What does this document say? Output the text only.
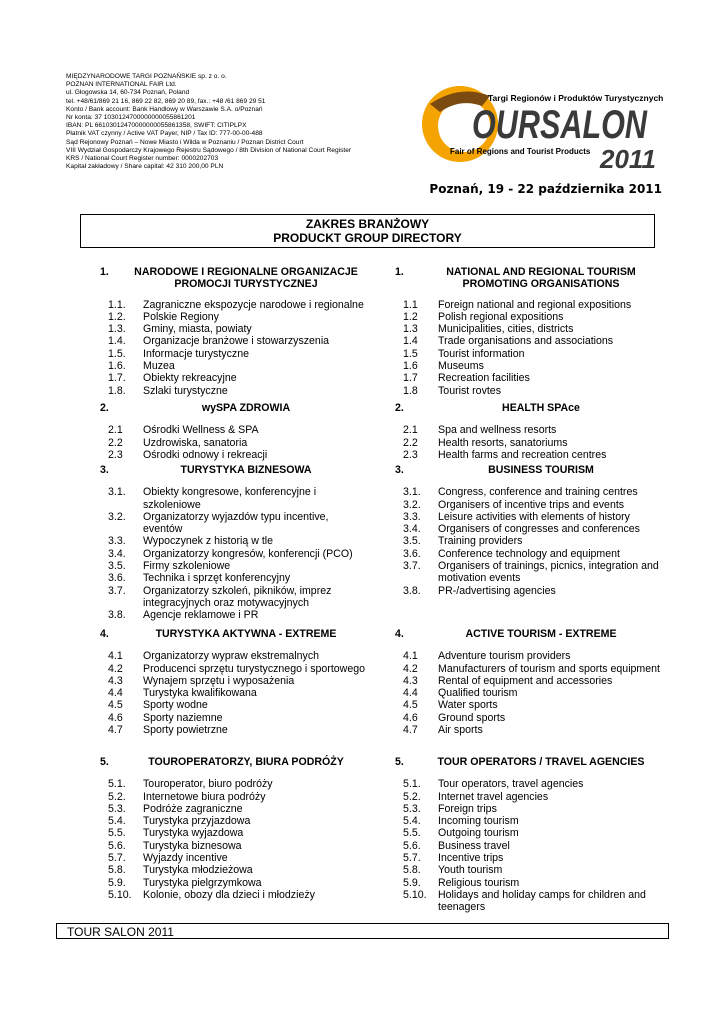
MIĘDZYNARODOWE TARGI POZNAŃSKIE sp. z o. o.
POZNAN INTERNATIONAL FAIR Ltd.
ul. Głogowska 14, 60-734 Poznań, Poland
tel. +48/61/869 21 16, 869 22 82, 869 20 89, fax.: +48 /61 869 29 51
Konto / Bank account: Bank Handlowy w Warszawie S.A. o/Poznań
Nr konta: 37 1030124700000000055861201
IBAN: PL 66103012470000000055861358, SWIFT: CITIPLPX
Płatnik VAT czynny / Active VAT Payer, NIP / Tax ID: 777-00-00-488
Sąd Rejonowy Poznań – Nowe Miasto i Wilda w Poznaniu / Poznan District Court
VIII Wydział Gospodarczy Krajowego Rejestru Sądowego / 8th Division of National Court Register
KRS / National Court Register number: 0000202703
Kapitał zakładowy / Share capital: 42 310 200,00 PLN
Targi Regionów i Produktów Turystycznych
OURSALON
Fair of Regions and Tourist Products 2011
Poznań, 19 - 22 października 2011
ZAKRES BRANŻOWY
PRODUCKT GROUP DIRECTORY
1.	NARODOWE I REGIONALNE ORGANIZACJE PROMOCJI TURYSTYCZNEJ
1.1.	Zagraniczne ekspozycje narodowe i regionalne
1.2.	Polskie Regiony
1.3.	Gminy, miasta, powiaty
1.4.	Organizacje branżowe i stowarzyszenia
1.5.	Informacje turystyczne
1.6.	Muzea
1.7.	Obiekty rekreacyjne
1.8.	Szlaki turystyczne
2.	wySPA ZDROWIA
2.1	Ośrodki Wellness & SPA
2.2	Uzdrowiska, sanatoria
2.3	Ośrodki odnowy i rekreacji
3.	TURYSTYKA BIZNESOWA
3.1.	Obiekty kongresowe, konferencyjne i szkoleniowe
3.2.	Organizatorzy wyjazdów typu incentive, eventów
3.3.	Wypoczynek z historią w tle
3.4.	Organizatorzy kongresów, konferencji (PCO)
3.5.	Firmy szkoleniowe
3.6.	Technika i sprzęt konferencyjny
3.7.	Organizatorzy szkoleń, pikników, imprez integracyjnych oraz motywacyjnych
3.8.	Agencje reklamowe i PR
4.	TURYSTYKA AKTYWNA - EXTREME
4.1	Organizatorzy wypraw ekstremalnych
4.2	Producenci sprzętu turystycznego i sportowego
4.3	Wynajem sprzętu i wyposażenia
4.4	Turystyka kwalifikowana
4.5	Sporty wodne
4.6	Sporty naziemne
4.7	Sporty powietrzne
5.	TOUROPERATORZY, BIURA PODRÓŻY
5.1.	Touroperator, biuro podróży
5.2.	Internetowe biura podróży
5.3.	Podróże zagraniczne
5.4.	Turystyka przyjazdowa
5.5.	Turystyka wyjazdowa
5.6.	Turystyka biznesowa
5.7.	Wyjazdy incentive
5.8.	Turystyka młodzieżowa
5.9.	Turystyka pielgrzymkowa
5.10.	Kolonie, obozy dla dzieci i młodzieży
1.	NATIONAL AND REGIONAL TOURISM PROMOTING ORGANISATIONS
1.1	Foreign national and regional expositions
1.2	Polish regional expositions
1.3	Municipalities, cities, districts
1.4	Trade organisations and associations
1.5	Tourist information
1.6	Museums
1.7	Recreation facilities
1.8	Tourist rovtes
2.	HEALTH SPAce
2.1	Spa and wellness resorts
2.2	Health resorts, sanatoriums
2.3	Health farms and recreation centres
3.	BUSINESS TOURISM
3.1.	Congress, conference and training centres
3.2.	Organisers of incentive trips and events
3.3.	Leisure activities with elements of history
3.4.	Organisers of congresses and conferences
3.5.	Training providers
3.6.	Conference technology and equipment
3.7.	Organisers of trainings, picnics, integration and motivation events
3.8.	PR-/advertising agencies
4.	ACTIVE TOURISM - EXTREME
4.1	Adventure tourism providers
4.2	Manufacturers of tourism and sports equipment
4.3	Rental of equipment and accessories
4.4	Qualified tourism
4.5	Water sports
4.6	Ground sports
4.7	Air sports
5.	TOUR OPERATORS / TRAVEL AGENCIES
5.1.	Tour operators, travel agencies
5.2.	Internet travel agencies
5.3.	Foreign trips
5.4.	Incoming tourism
5.5.	Outgoing tourism
5.6.	Business travel
5.7.	Incentive trips
5.8.	Youth tourism
5.9.	Religious tourism
5.10.	Holidays and holiday camps for children and teenagers
TOUR SALON 2011
